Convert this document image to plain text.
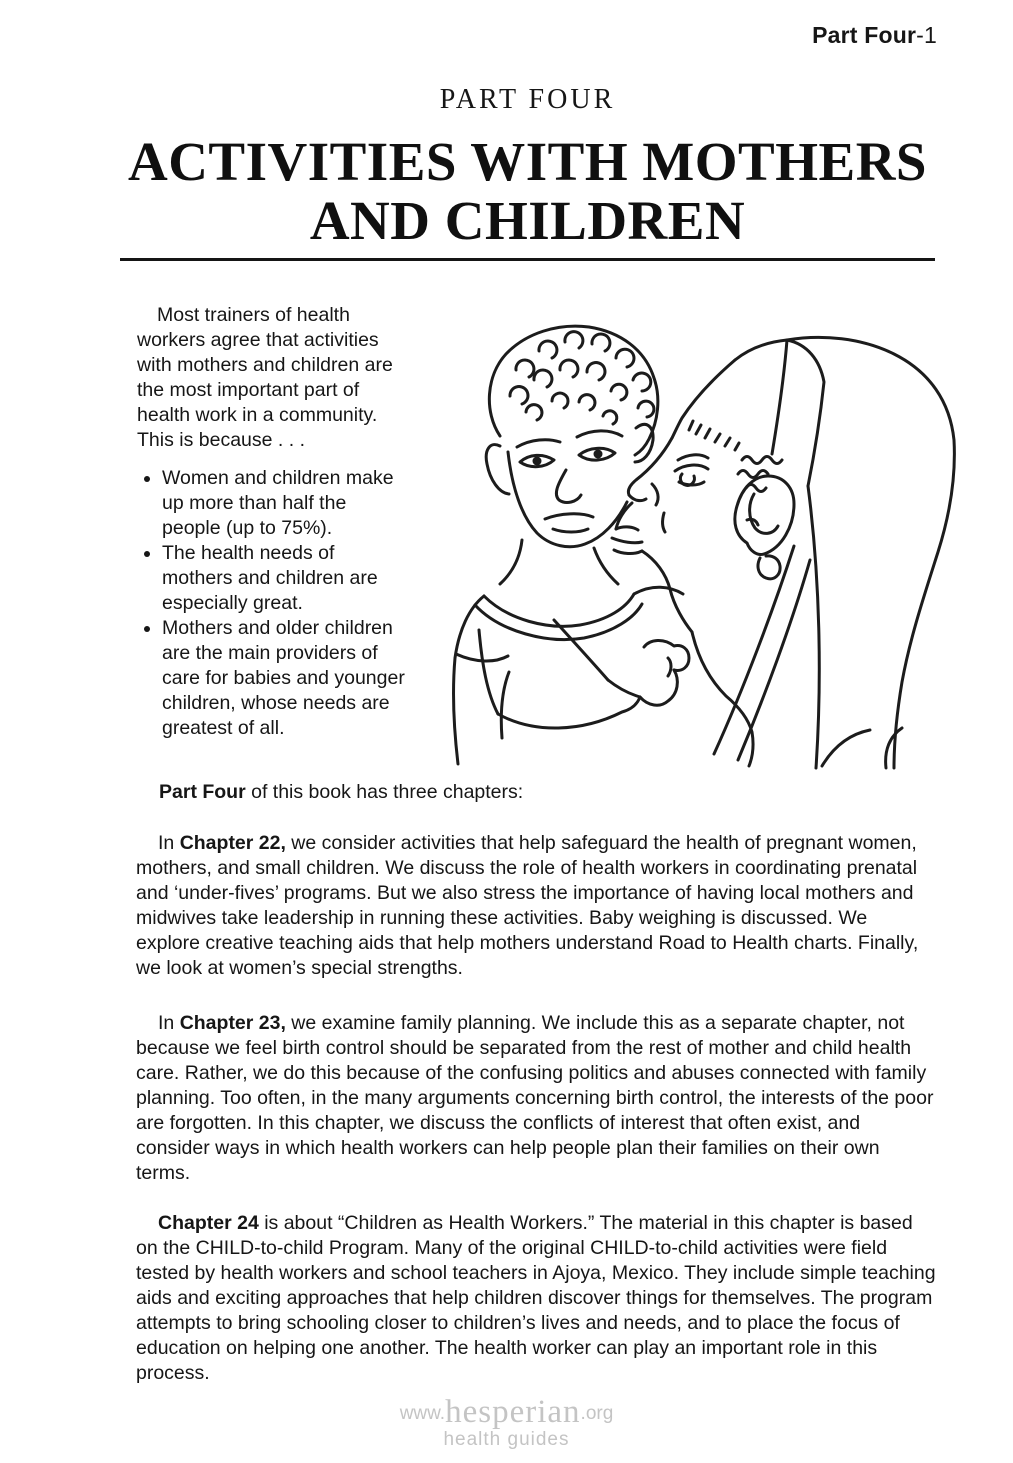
Part Four-1
PART FOUR
ACTIVITIES WITH MOTHERS
AND CHILDREN

Most trainers of health workers agree that activities with mothers and children are the most important part of health work in a community. This is because . . .

• Women and children make up more than half the people (up to 75%).
• The health needs of mothers and children are especially great.
• Mothers and older children are the main providers of care for babies and younger children, whose needs are greatest of all.

Part Four of this book has three chapters:

In Chapter 22, we consider activities that help safeguard the health of pregnant women, mothers, and small children. We discuss the role of health workers in coordinating prenatal and ‘under-fives’ programs. But we also stress the importance of having local mothers and midwives take leadership in running these activities. Baby weighing is discussed. We explore creative teaching aids that help mothers understand Road to Health charts. Finally, we look at women’s special strengths.

In Chapter 23, we examine family planning. We include this as a separate chapter, not because we feel birth control should be separated from the rest of mother and child health care. Rather, we do this because of the confusing politics and abuses connected with family planning. Too often, in the many arguments concerning birth control, the interests of the poor are forgotten. In this chapter, we discuss the conflicts of interest that often exist, and consider ways in which health workers can help people plan their families on their own terms.

Chapter 24 is about “Children as Health Workers.” The material in this chapter is based on the CHILD-to-child Program. Many of the original CHILD-to-child activities were field tested by health workers and school teachers in Ajoya, Mexico. They include simple teaching aids and exciting approaches that help children discover things for themselves. The program attempts to bring schooling closer to children’s lives and needs, and to place the focus of education on helping one another. The health worker can play an important role in this process.

www.hesperian.org
health guides
